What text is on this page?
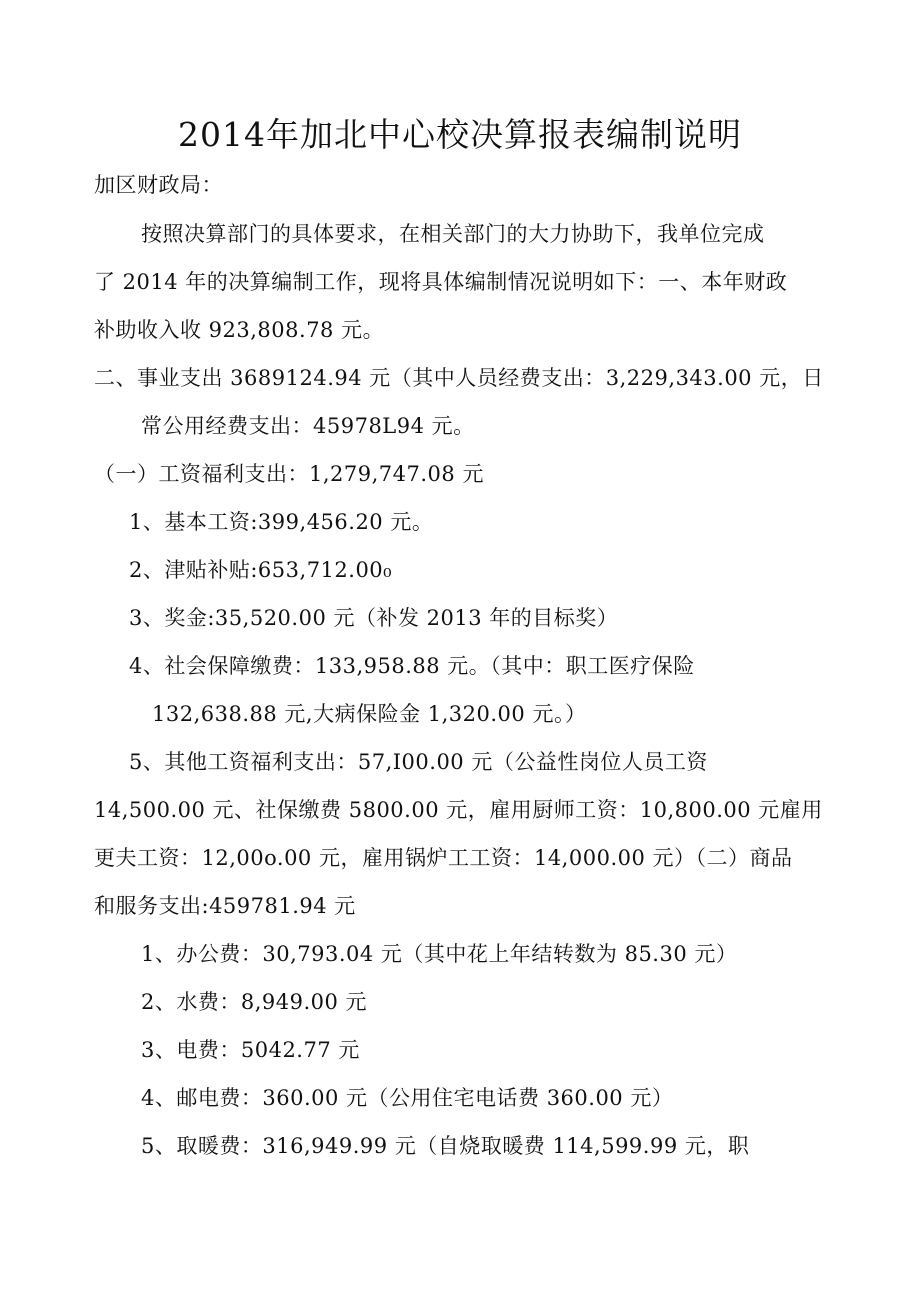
2014年加北中心校决算报表编制说明
加区财政局：
按照决算部门的具体要求，在相关部门的大力协助下，我单位完成
了 2014 年的决算编制工作，现将具体编制情况说明如下：一、本年财政
补助收入收 923,808.78 元。
二、事业支出 3689124.94 元（其中人员经费支出：3,229,343.00 元，日
常公用经费支出：45978L94 元。
（一）工资福利支出：1,279,747.08 元
1、基本工资:399,456.20 元。
2、津贴补贴:653,712.00₀
3、奖金:35,520.00 元（补发 2013 年的目标奖）
4、社会保障缴费：133,958.88 元。（其中：职工医疗保险
132,638.88 元,大病保险金 1,320.00 元。）
5、其他工资福利支出：57,I00.00 元（公益性岗位人员工资
14,500.00 元、社保缴费 5800.00 元，雇用厨师工资：10,800.00 元雇用
更夫工资：12,00o.00 元，雇用锅炉工工资：14,000.00 元）（二）商品
和服务支出:459781.94 元
1、办公费：30,793.04 元（其中花上年结转数为 85.30 元）
2、水费：8,949.00 元
3、电费：5042.77 元
4、邮电费：360.00 元（公用住宅电话费 360.00 元）
5、取暖费：316,949.99 元（自烧取暖费 114,599.99 元，职
